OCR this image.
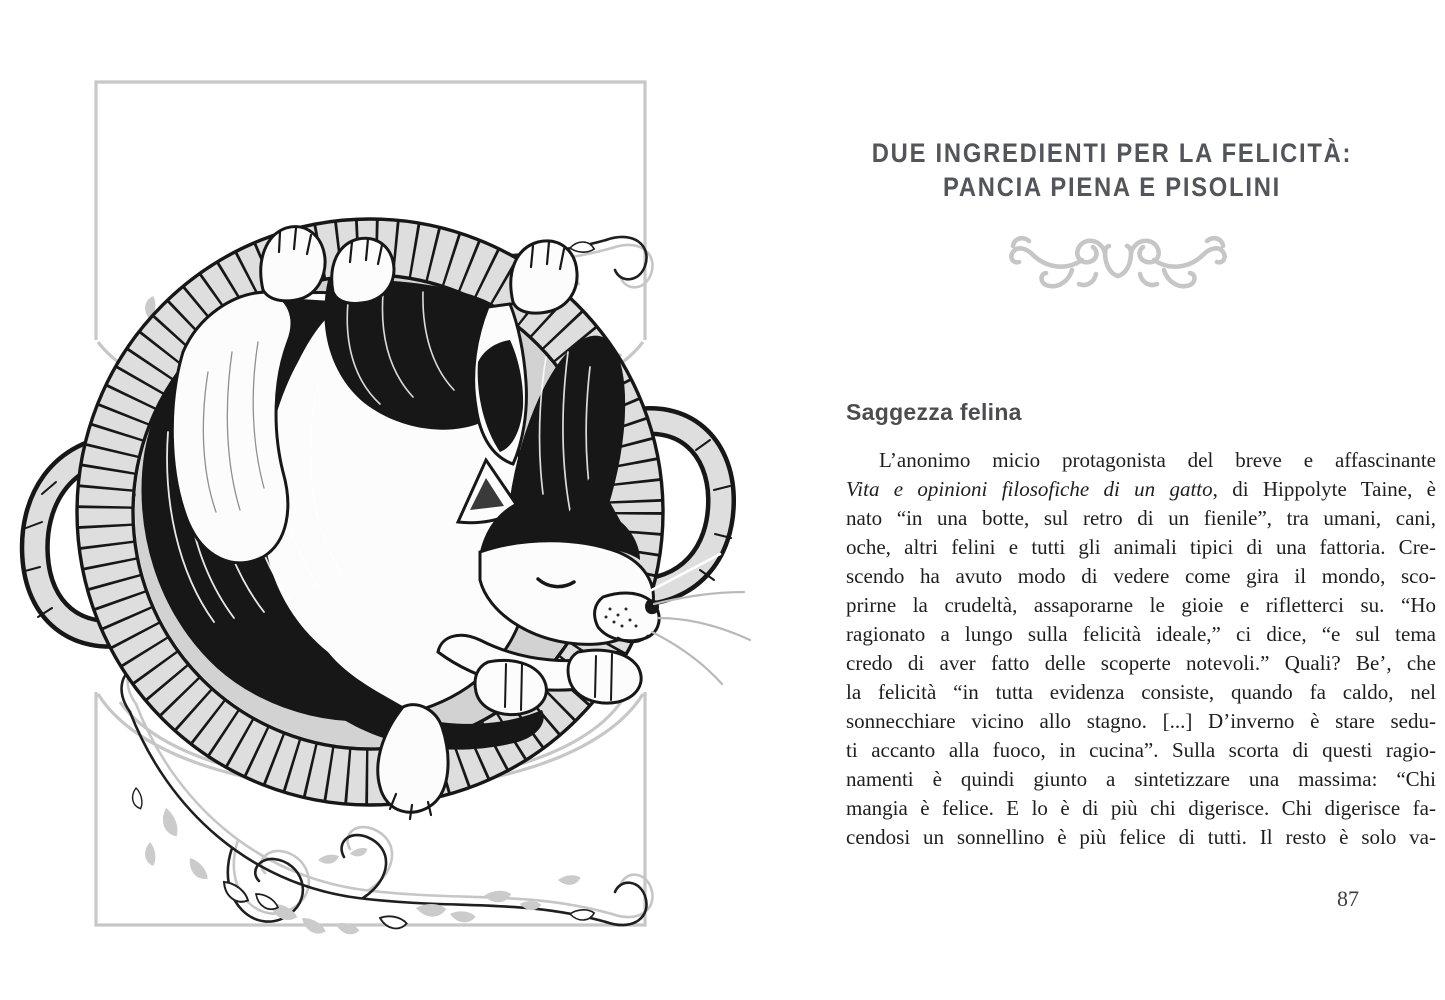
DUE INGREDIENTI PER LA FELICITÀ:
PANCIA PIENA E PISOLINI
Saggezza felina
L’anonimo micio protagonista del breve e affascinante
Vita e opinioni filosofiche di un gatto, di Hippolyte Taine, è
nato “in una botte, sul retro di un fienile”, tra umani, cani,
oche, altri felini e tutti gli animali tipici di una fattoria. Cre-
scendo ha avuto modo di vedere come gira il mondo, sco-
prirne la crudeltà, assaporarne le gioie e rifletterci su. “Ho
ragionato a lungo sulla felicità ideale,” ci dice, “e sul tema
credo di aver fatto delle scoperte notevoli.” Quali? Be’, che
la felicità “in tutta evidenza consiste, quando fa caldo, nel
sonnecchiare vicino allo stagno. [...] D’inverno è stare sedu-
ti accanto alla fuoco, in cucina”. Sulla scorta di questi ragio-
namenti è quindi giunto a sintetizzare una massima: “Chi
mangia è felice. E lo è di più chi digerisce. Chi digerisce fa-
cendosi un sonnellino è più felice di tutti. Il resto è solo va-
87
